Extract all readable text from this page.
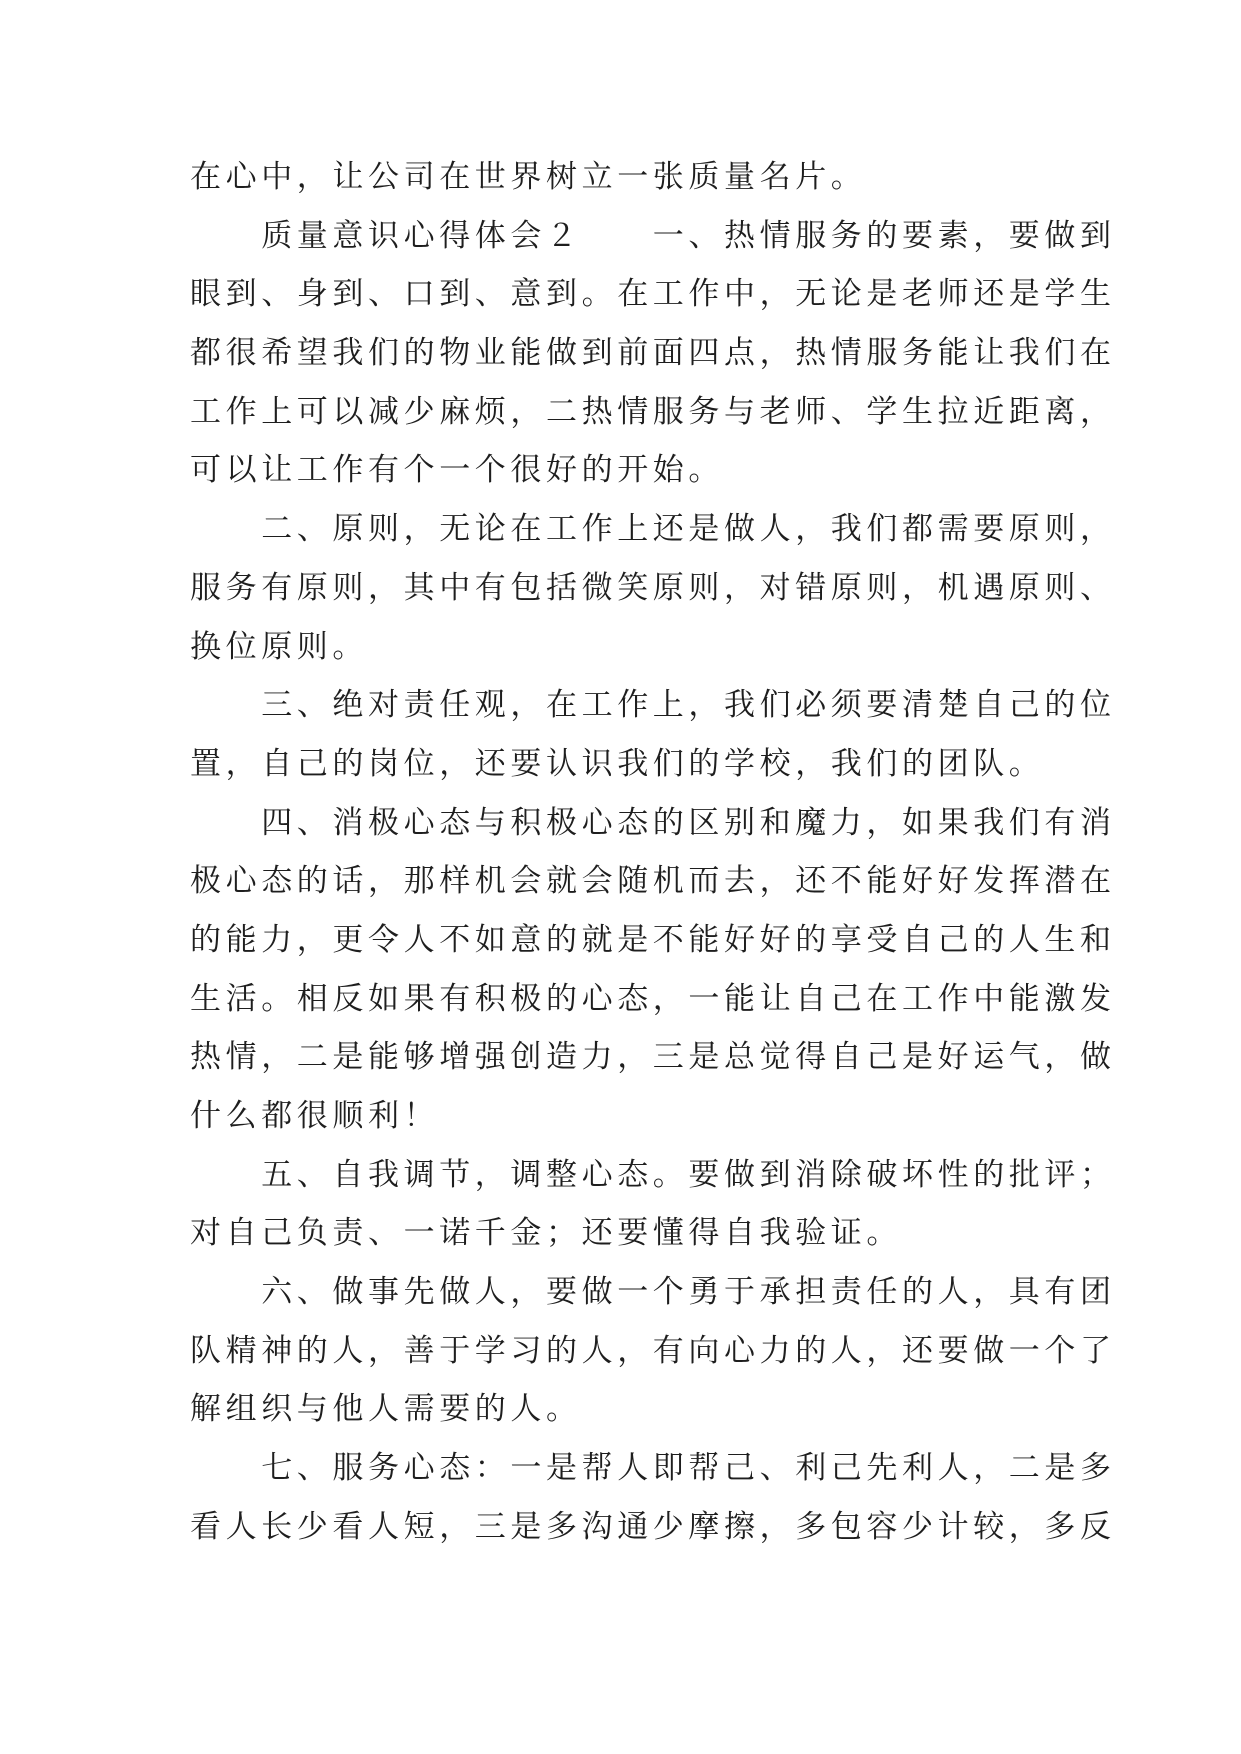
在心中，让公司在世界树立一张质量名片。
　　质量意识心得体会２　　一、热情服务的要素，要做到
眼到、身到、口到、意到。在工作中，无论是老师还是学生
都很希望我们的物业能做到前面四点，热情服务能让我们在
工作上可以减少麻烦，二热情服务与老师、学生拉近距离，
可以让工作有个一个很好的开始。
　　二、原则，无论在工作上还是做人，我们都需要原则，
服务有原则，其中有包括微笑原则，对错原则，机遇原则、
换位原则。
　　三、绝对责任观，在工作上，我们必须要清楚自己的位
置，自己的岗位，还要认识我们的学校，我们的团队。
　　四、消极心态与积极心态的区别和魔力，如果我们有消
极心态的话，那样机会就会随机而去，还不能好好发挥潜在
的能力，更令人不如意的就是不能好好的享受自己的人生和
生活。相反如果有积极的心态，一能让自己在工作中能激发
热情，二是能够增强创造力，三是总觉得自己是好运气，做
什么都很顺利！
　　五、自我调节，调整心态。要做到消除破坏性的批评；
对自己负责、一诺千金；还要懂得自我验证。
　　六、做事先做人，要做一个勇于承担责任的人，具有团
队精神的人，善于学习的人，有向心力的人，还要做一个了
解组织与他人需要的人。
　　七、服务心态：一是帮人即帮己、利己先利人，二是多
看人长少看人短，三是多沟通少摩擦，多包容少计较，多反
